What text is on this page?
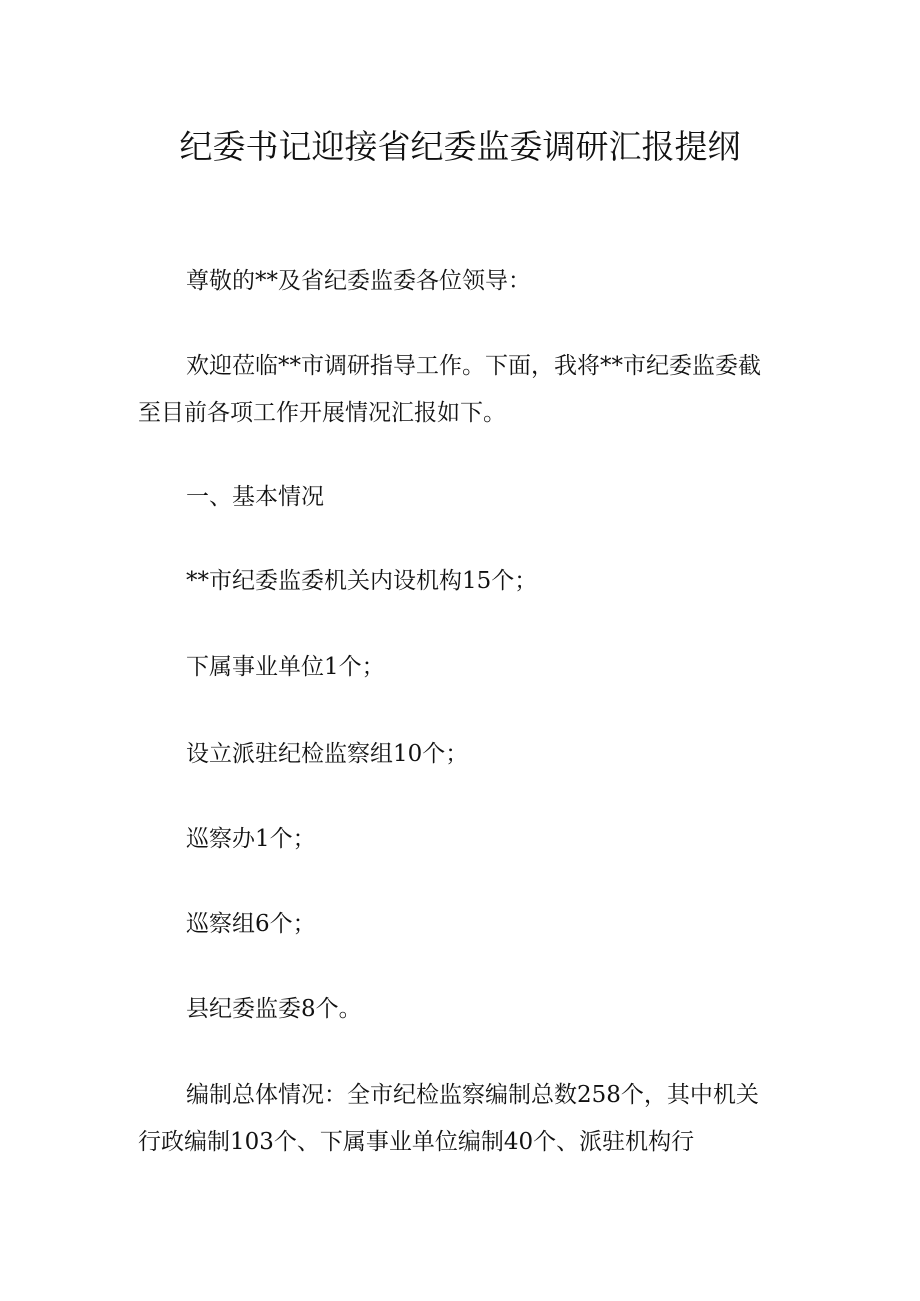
纪委书记迎接省纪委监委调研汇报提纲

尊敬的**及省纪委监委各位领导：

欢迎莅临**市调研指导工作。下面，我将**市纪委监委截至目前各项工作开展情况汇报如下。

一、基本情况

**市纪委监委机关内设机构15个；

下属事业单位1个；

设立派驻纪检监察组10个；

巡察办1个；

巡察组6个；

县纪委监委8个。

编制总体情况：全市纪检监察编制总数258个，其中机关行政编制103个、下属事业单位编制40个、派驻机构行
